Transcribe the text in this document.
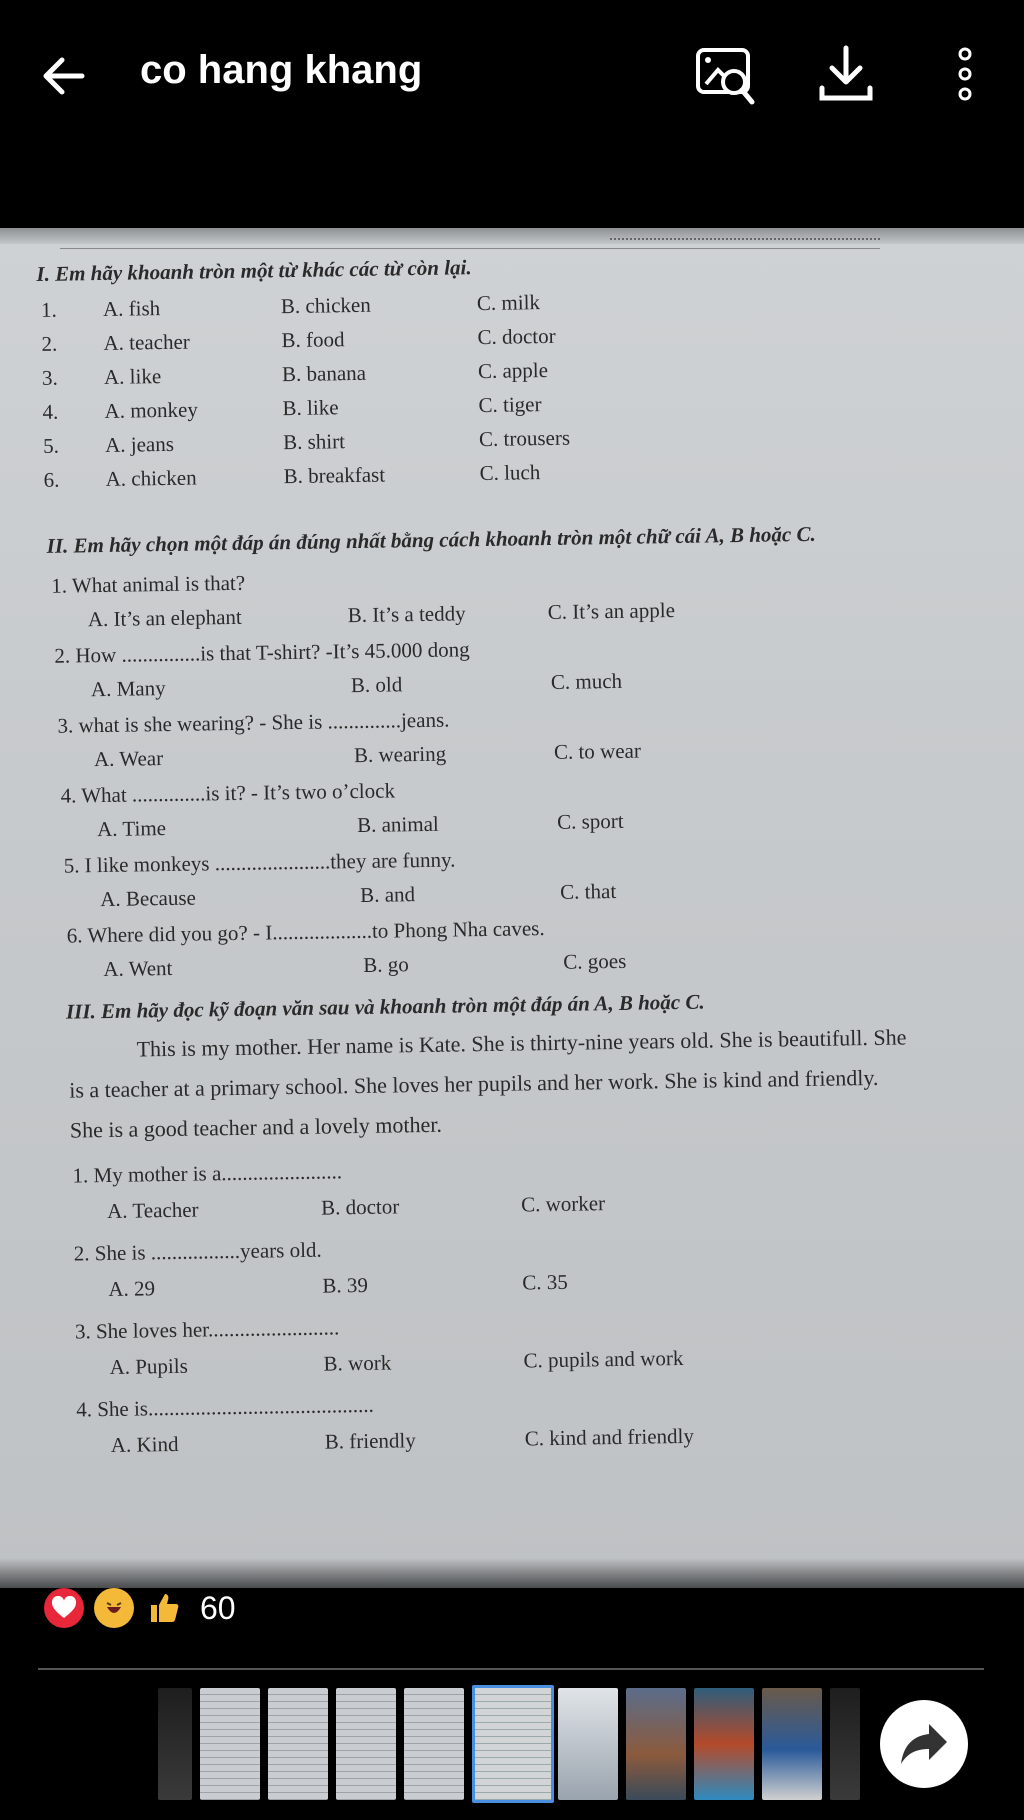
co hang khang
I. Em hãy khoanh tròn một từ khác các từ còn lại.
1. A. fish	B. chicken	C. milk
2. A. teacher	B. food	C. doctor
3. A. like	B. banana	C. apple
4. A. monkey	B. like	C. tiger
5. A. jeans	B. shirt	C. trousers
6. A. chicken	B. breakfast	C. luch
II. Em hãy chọn một đáp án đúng nhất bằng cách khoanh tròn một chữ cái A, B hoặc C.
1. What animal is that?
A. It’s an elephant	B. It’s a teddy	C. It’s an apple
2. How ...............is that T-shirt? -It’s 45.000 dong
A. Many	B. old	C. much
3. what is she wearing? - She is ..............jeans.
A. Wear	B. wearing	C. to wear
4. What ..............is it? - It’s two o’clock
A. Time	B. animal	C. sport
5. I like monkeys ......................they are funny.
A. Because	B. and	C. that
6. Where did you go? - I...................to Phong Nha caves.
A. Went	B. go	C. goes
III. Em hãy đọc kỹ đoạn văn sau và khoanh tròn một đáp án A, B hoặc C.
This is my mother. Her name is Kate. She is thirty-nine years old. She is beautifull. She
is a teacher at a primary school. She loves her pupils and her work. She is kind and friendly.
She is a good teacher and a lovely mother.
1. My mother is a.......................
A. Teacher	B. doctor	C. worker
2. She is .................years old.
A. 29	B. 39	C. 35
3. She loves her.........................
A. Pupils	B. work	C. pupils and work
4. She is...........................................
A. Kind	B. friendly	C. kind and friendly
60
